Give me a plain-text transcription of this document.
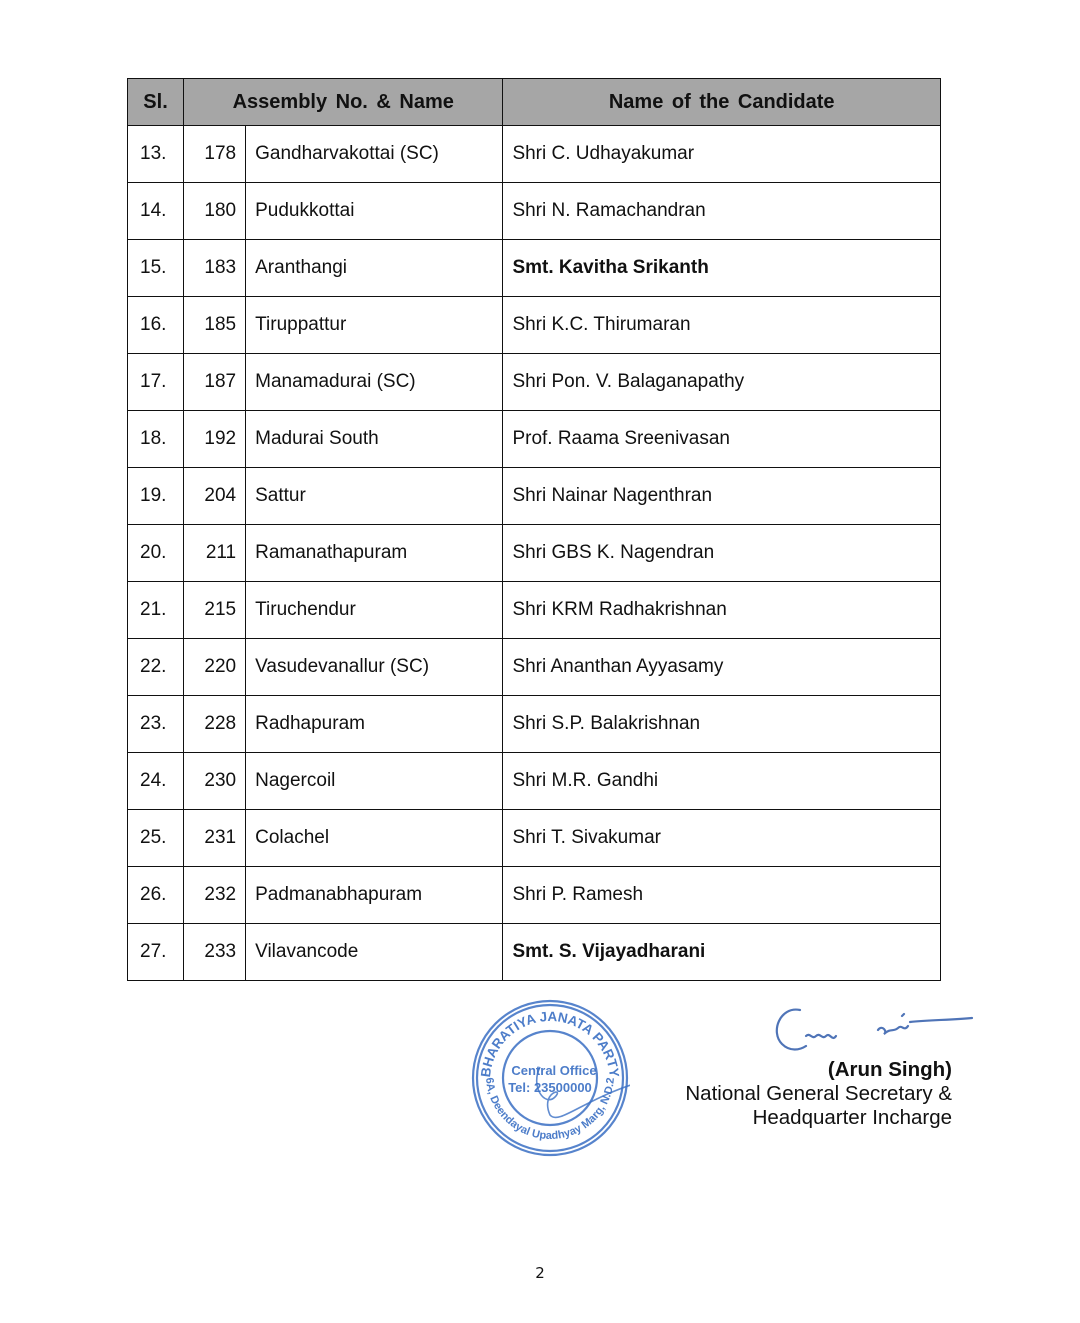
Sl.	Assembly No. & Name		Name of the Candidate
13.	178	Gandharvakottai (SC)	Shri C. Udhayakumar
14.	180	Pudukkottai	Shri N. Ramachandran
15.	183	Aranthangi	Smt. Kavitha Srikanth
16.	185	Tiruppattur	Shri K.C. Thirumaran
17.	187	Manamadurai (SC)	Shri Pon. V. Balaganapathy
18.	192	Madurai South	Prof. Raama Sreenivasan
19.	204	Sattur	Shri Nainar Nagenthran
20.	211	Ramanathapuram	Shri GBS K. Nagendran
21.	215	Tiruchendur	Shri KRM Radhakrishnan
22.	220	Vasudevanallur (SC)	Shri Ananthan Ayyasamy
23.	228	Radhapuram	Shri S.P. Balakrishnan
24.	230	Nagercoil	Shri M.R. Gandhi
25.	231	Colachel	Shri T. Sivakumar
26.	232	Padmanabhapuram	Shri P. Ramesh
27.	233	Vilavancode	Smt. S. Vijayadharani
BHARATIYA JANATA PARTY
6A, Deendayal Upadhyay Marg, N.D.2
Central Office
Tel: 23500000
(Arun Singh)
National General Secretary &
Headquarter Incharge
2
